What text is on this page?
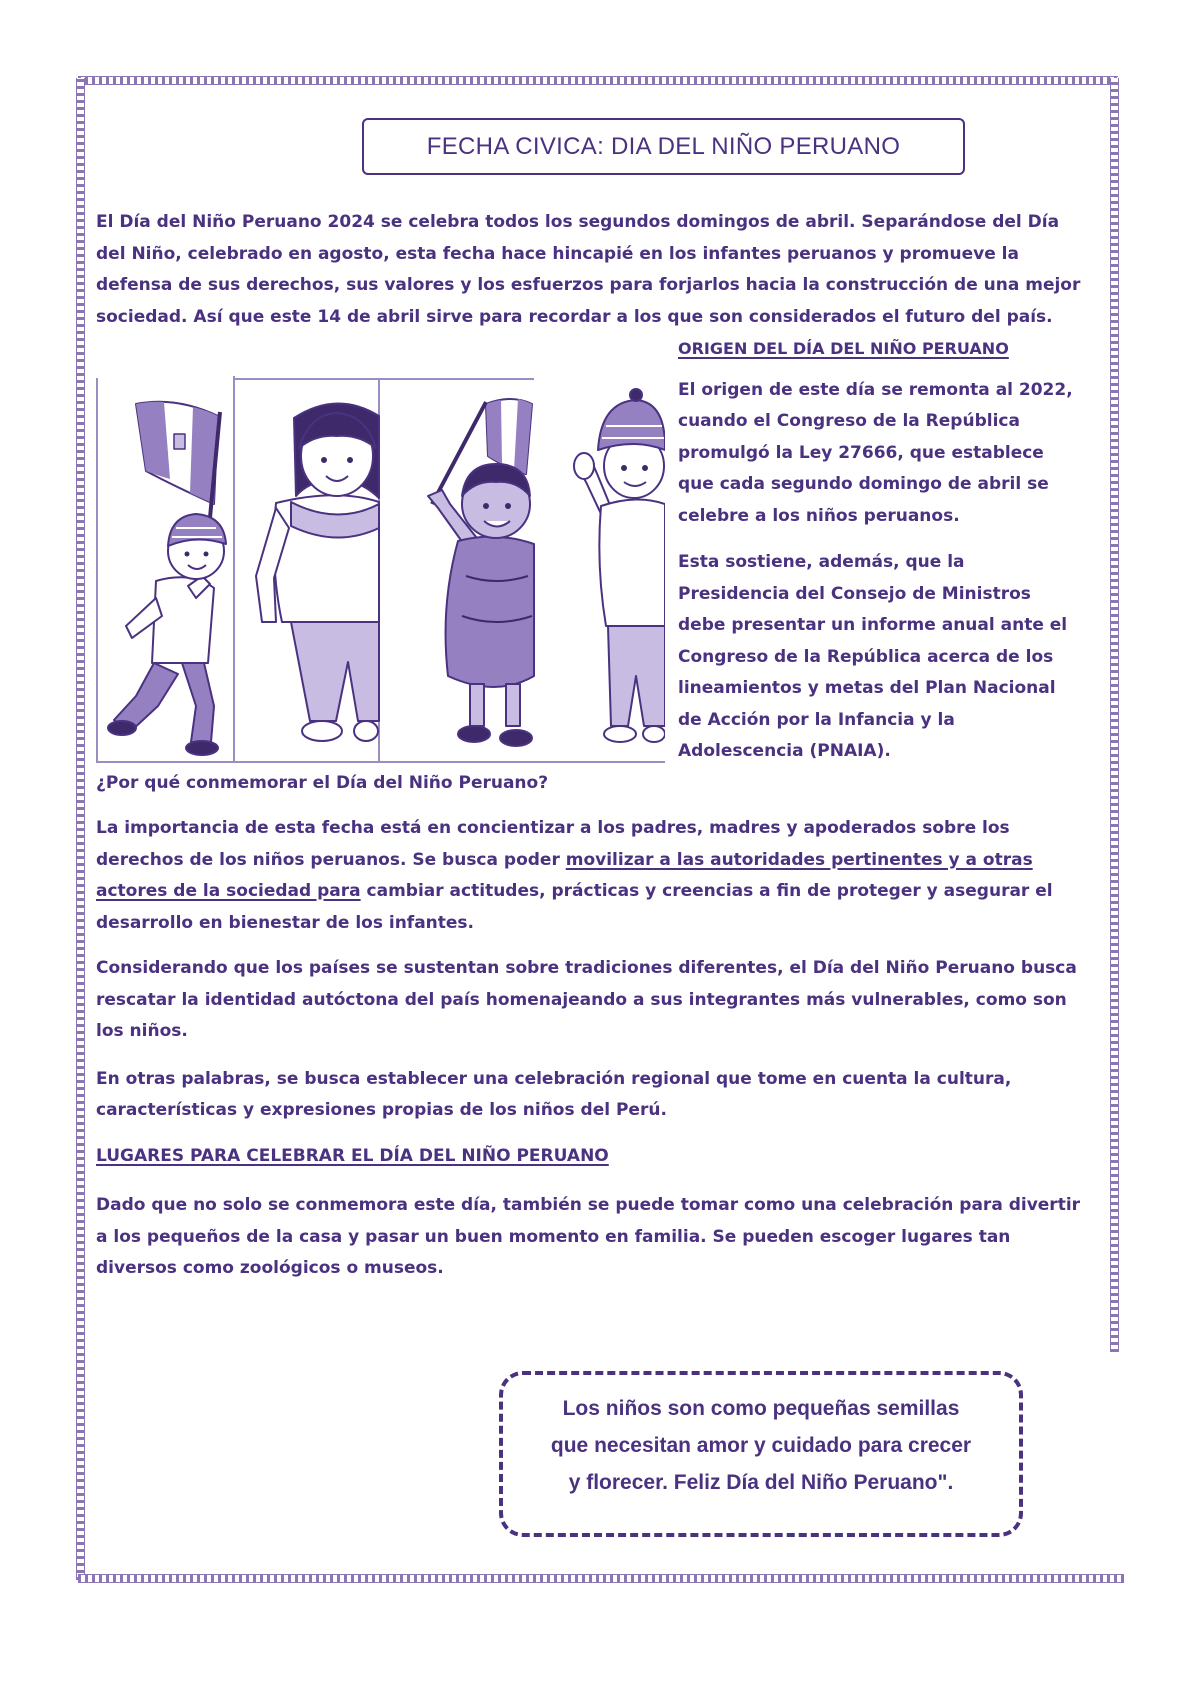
FECHA CIVICA: DIA DEL NIÑO PERUANO

El Día del Niño Peruano 2024 se celebra todos los segundos domingos de abril. Separándose del Día del Niño, celebrado en agosto, esta fecha hace hincapié en los infantes peruanos y promueve la defensa de sus derechos, sus valores y los esfuerzos para forjarlos hacia la construcción de una mejor sociedad. Así que este 14 de abril sirve para recordar a los que son considerados el futuro del país.

ORIGEN DEL DÍA DEL NIÑO PERUANO

El origen de este día se remonta al 2022, cuando el Congreso de la República promulgó la Ley 27666, que establece que cada segundo domingo de abril se celebre a los niños peruanos.

Esta sostiene, además, que la Presidencia del Consejo de Ministros debe presentar un informe anual ante el Congreso de la República acerca de los lineamientos y metas del Plan Nacional de Acción por la Infancia y la Adolescencia (PNAIA).

¿Por qué conmemorar el Día del Niño Peruano?

La importancia de esta fecha está en concientizar a los padres, madres y apoderados sobre los derechos de los niños peruanos. Se busca poder movilizar a las autoridades pertinentes y a otras actores de la sociedad para cambiar actitudes, prácticas y creencias a fin de proteger y asegurar el desarrollo en bienestar de los infantes.

Considerando que los países se sustentan sobre tradiciones diferentes, el Día del Niño Peruano busca rescatar la identidad autóctona del país homenajeando a sus integrantes más vulnerables, como son los niños.

En otras palabras, se busca establecer una celebración regional que tome en cuenta la cultura, características y expresiones propias de los niños del Perú.

LUGARES PARA CELEBRAR EL DÍA DEL NIÑO PERUANO

Dado que no solo se conmemora este día, también se puede tomar como una celebración para divertir a los pequeños de la casa y pasar un buen momento en familia. Se pueden escoger lugares tan diversos como zoológicos o museos.

Los niños son como pequeñas semillas
que necesitan amor y cuidado para crecer
y florecer. Feliz Día del Niño Peruano".
